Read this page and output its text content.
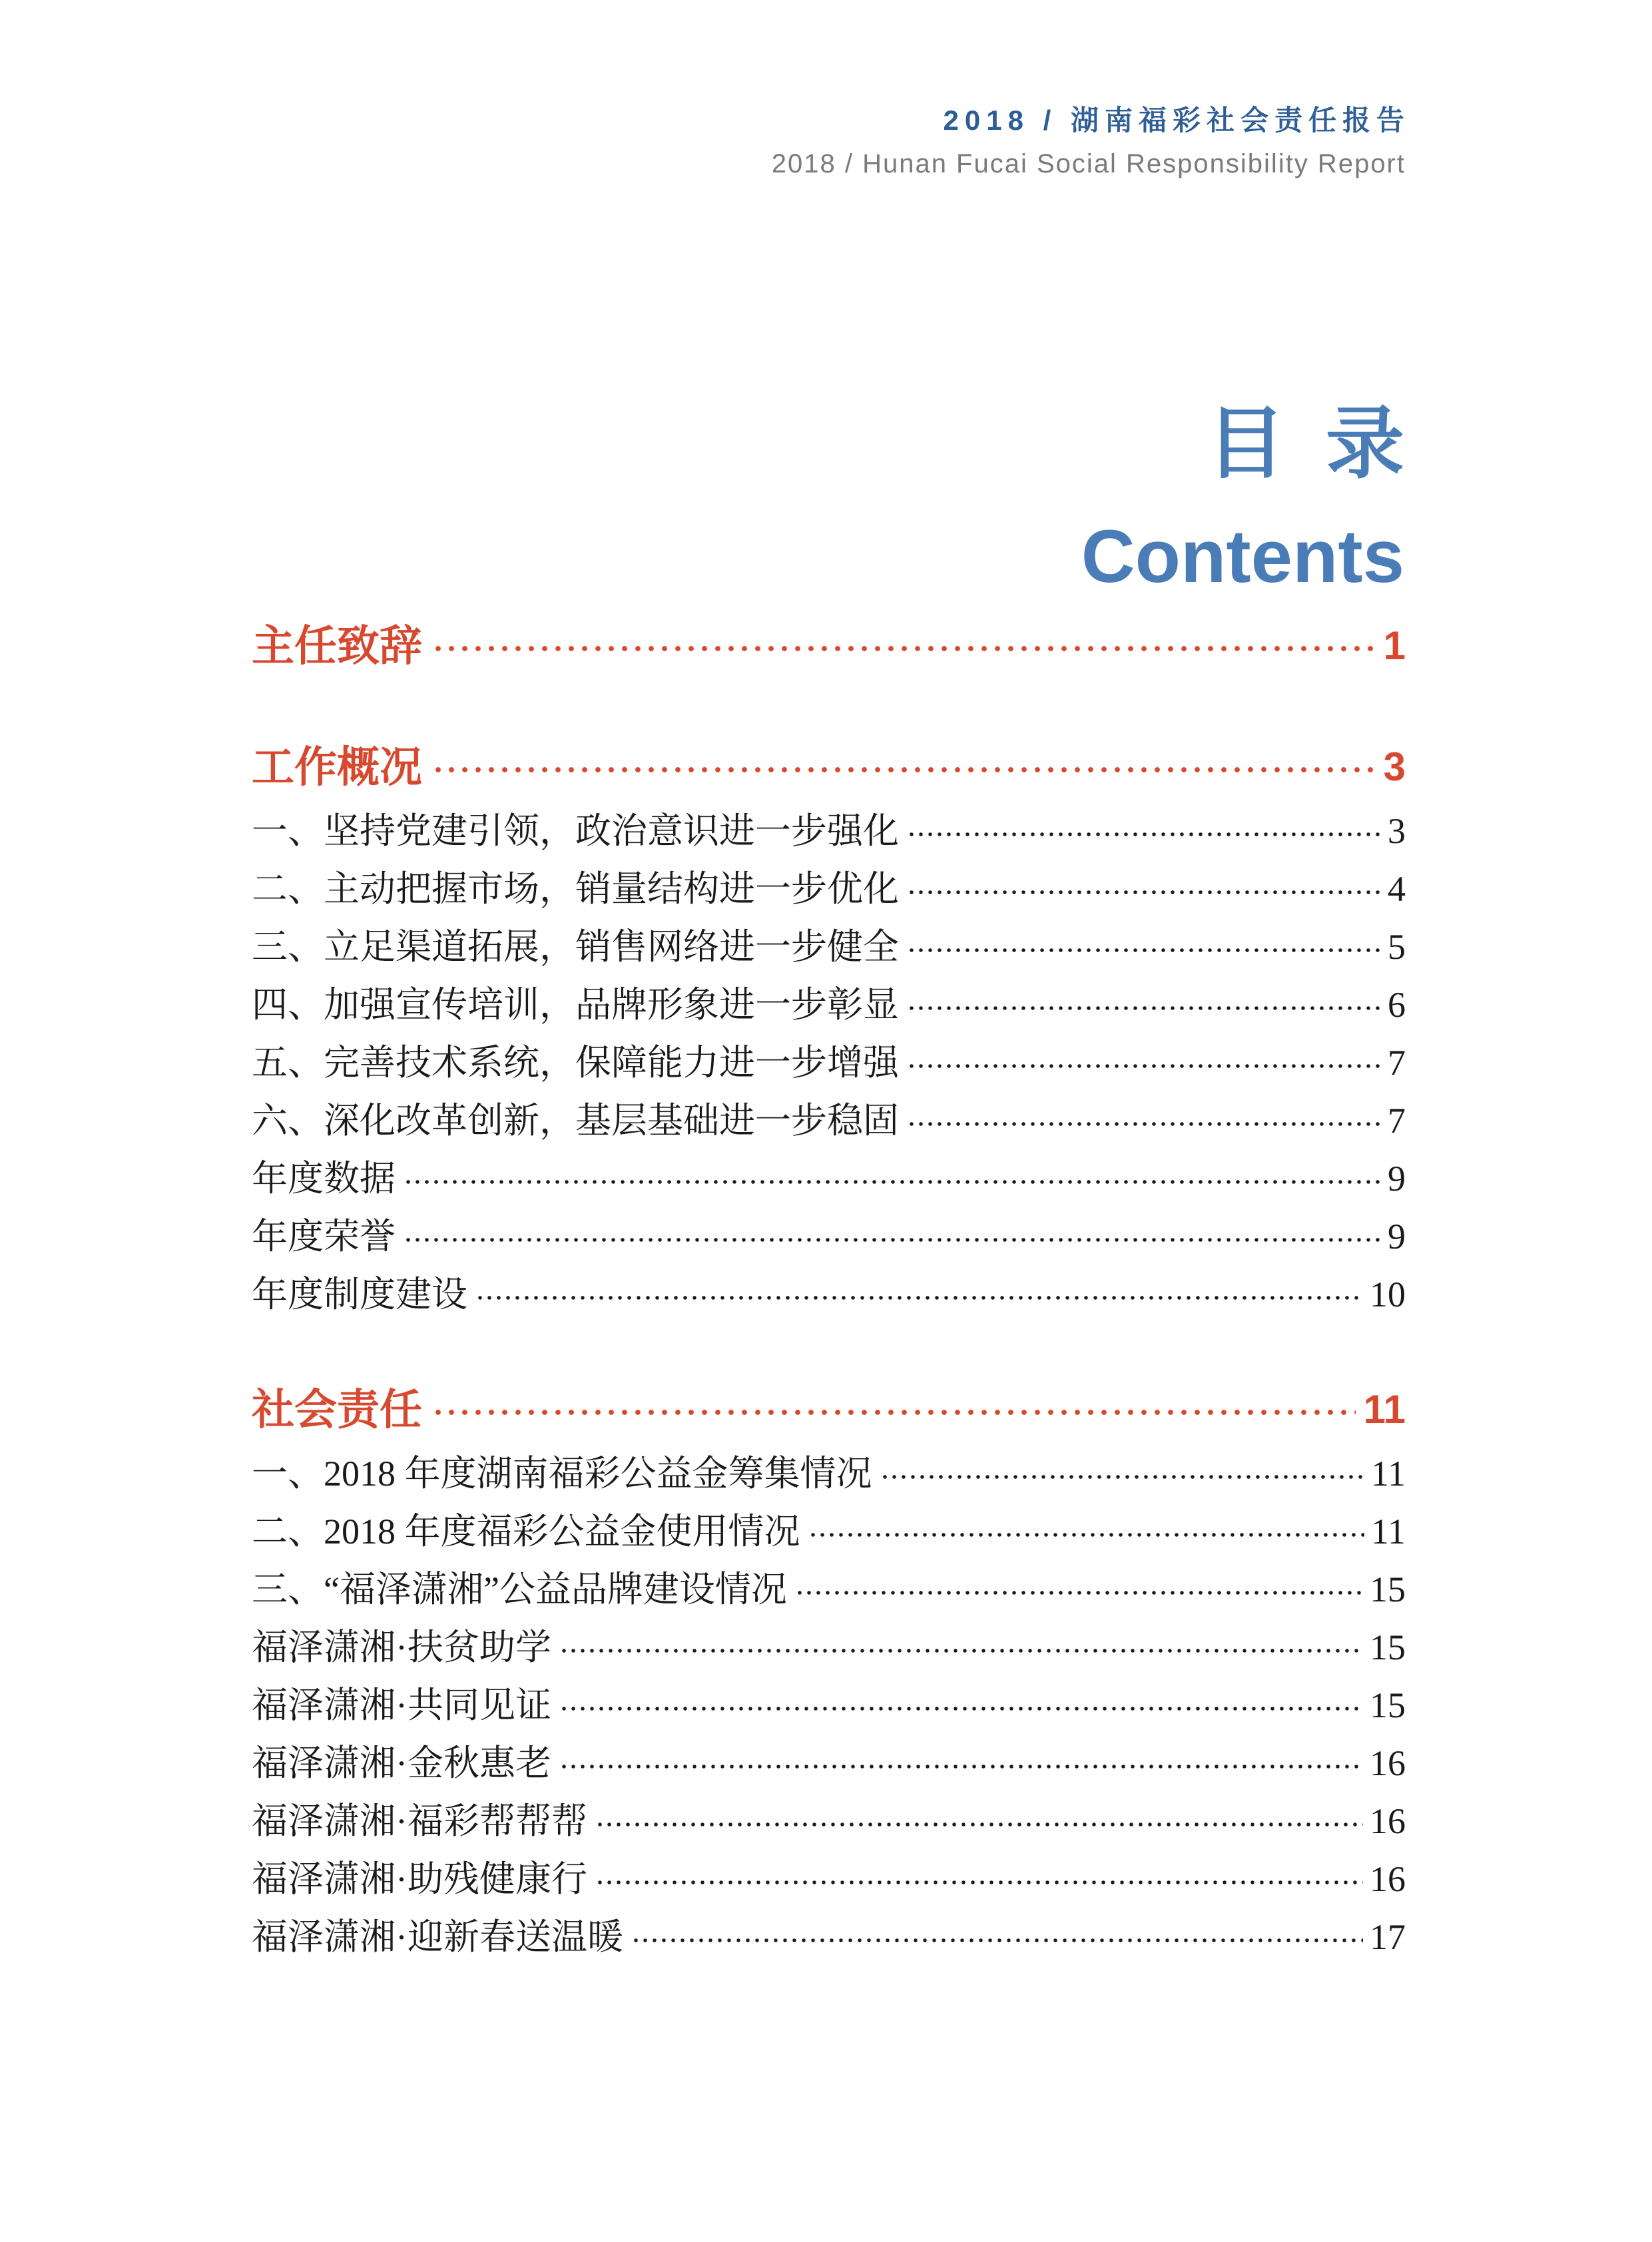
2018 / 湖南福彩社会责任报告
2018 / Hunan Fucai Social Responsibility Report
目 录
Contents
主任致辞	1
工作概况	3
一、坚持党建引领，政治意识进一步强化	3
二、主动把握市场，销量结构进一步优化	4
三、立足渠道拓展，销售网络进一步健全	5
四、加强宣传培训，品牌形象进一步彰显	6
五、完善技术系统，保障能力进一步增强	7
六、深化改革创新，基层基础进一步稳固	7
年度数据	9
年度荣誉	9
年度制度建设	10
社会责任	11
一、2018 年度湖南福彩公益金筹集情况	11
二、2018 年度福彩公益金使用情况	11
三、“福泽潇湘”公益品牌建设情况	15
福泽潇湘·扶贫助学	15
福泽潇湘·共同见证	15
福泽潇湘·金秋惠老	16
福泽潇湘·福彩帮帮帮	16
福泽潇湘·助残健康行	16
福泽潇湘·迎新春送温暖	17
